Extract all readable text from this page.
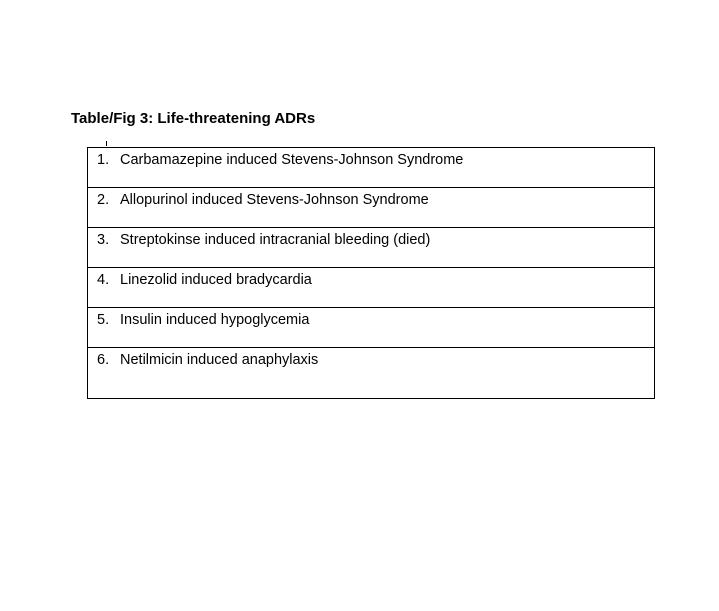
Table/Fig 3: Life-threatening ADRs
1. Carbamazepine induced Stevens-Johnson Syndrome

2. Allopurinol induced Stevens-Johnson Syndrome

3. Streptokinse induced intracranial bleeding (died)

4. Linezolid induced bradycardia

5. Insulin induced hypoglycemia

6. Netilmicin induced anaphylaxis
